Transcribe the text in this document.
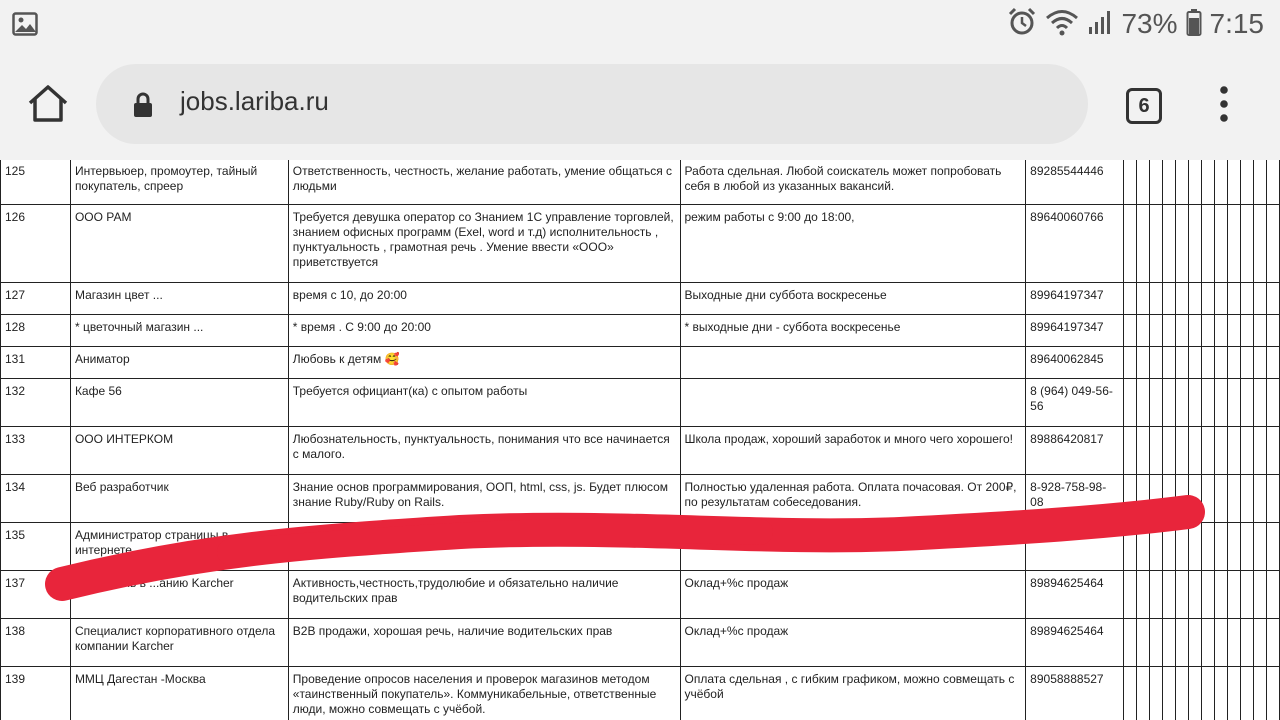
73% 7:15
jobs.lariba.ru	6
125	Интервьюер, промоутер, тайный покупатель, спреер	Ответственность, честность, желание работать, умение общаться с людьми	Работа сдельная. Любой соискатель может попробовать себя в любой из указанных вакансий.	89285544446												
126	ООО РАМ	Требуется девушка оператор со Знанием 1С управление торговлей, знанием офисных программ (Exel, word и т.д) исполнительность , пунктуальность , грамотная речь . Умение ввести «ООО» приветствуется	режим работы с 9:00 до 18:00,	89640060766												
127	Магазин цвет ...	время с 10, до 20:00	Выходные дни суббота воскресенье	89964197347												
128	* цветочный магазин ...	* время . С 9:00 до 20:00	* выходные дни - суббота воскресенье	89964197347												
131	Аниматор	Любовь к детям 🥰		89640062845												
132	Кафе 56	Требуется официант(ка) с опытом работы		8 (964) 049-56-56												
133	ООО ИНТЕРКОМ	Любознательность, пунктуальность, понимания что все начинается с малого.	Школа продаж, хороший заработок и много чего хорошего!	89886420817												
134	Веб разработчик	Знание основ программирования, ООП, html, css, js. Будет плюсом знание Ruby/Ruby on Rails.	Полностью удаленная работа. Оплата почасовая. От 200₽, по результатам собеседования.	8-928-758-98-08												
135	Администратор страницы в интернете															
137	...равитель в ...анию Karcher	Активность,честность,трудолюбие и обязательно наличие водительских прав	Оклад+%с продаж	89894625464												
138	Специалист корпоративного отдела компании Karcher	B2B продажи, хорошая речь, наличие водительских прав	Оклад+%с продаж	89894625464												
139	ММЦ Дагестан -Москва	Проведение опросов населения и проверок магазинов методом «таинственный покупатель». Коммуникабельные, ответственные люди, можно совмещать с учёбой.	Оплата сдельная , с гибким графиком, можно совмещать с учёбой	89058888527												
